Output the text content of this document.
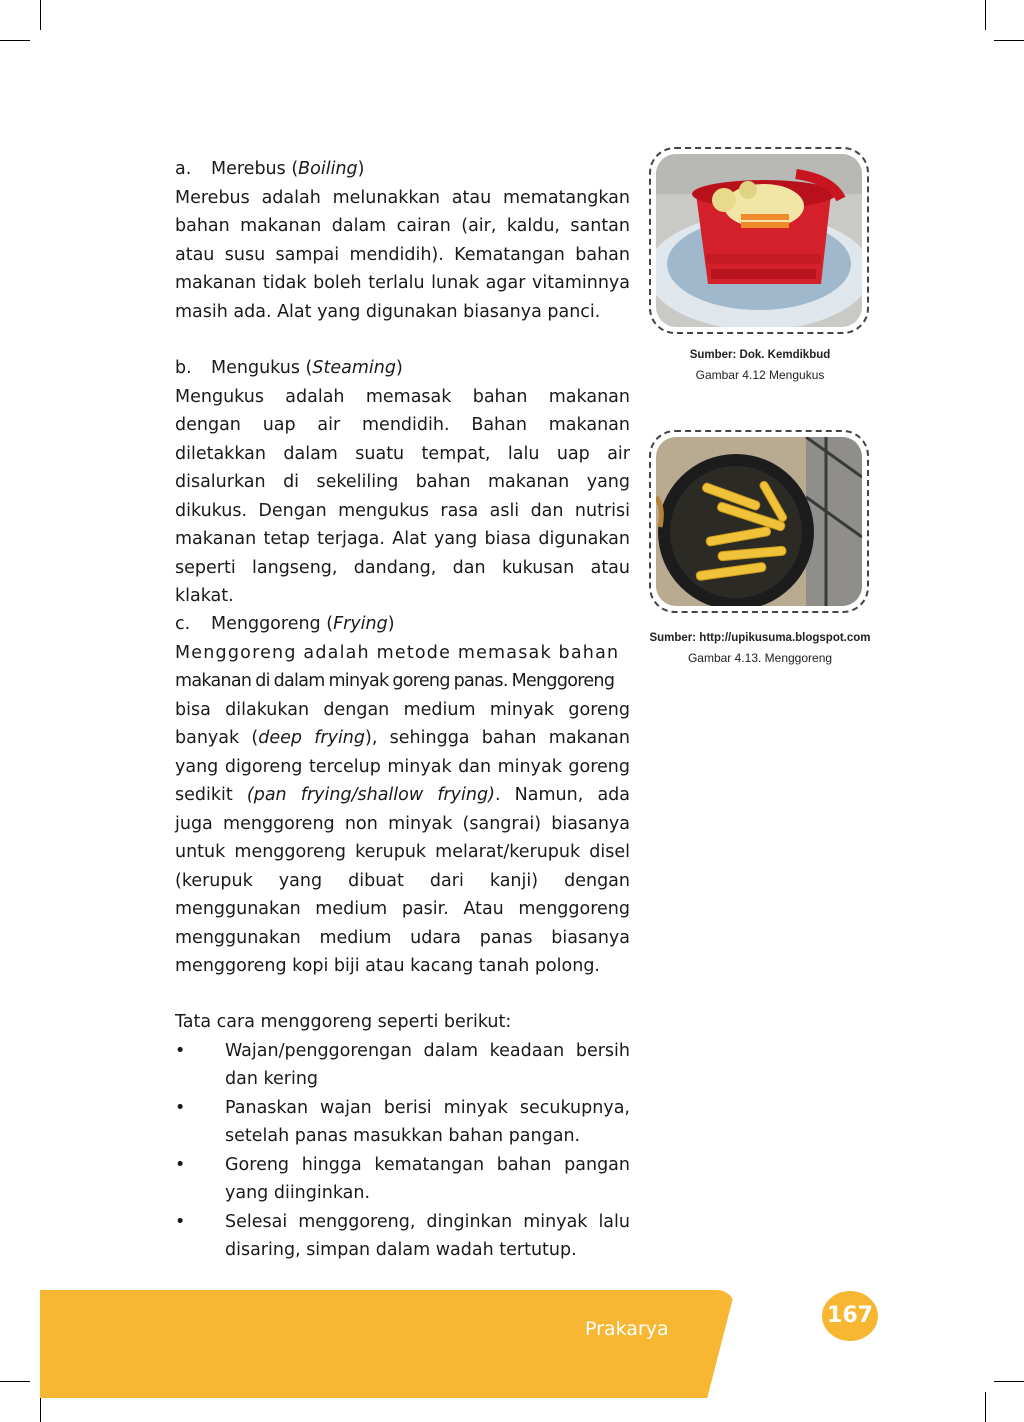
a. Merebus (Boiling)

Merebus adalah melunakkan atau mematangkan bahan makanan dalam cairan (air, kaldu, santan atau susu sampai mendidih). Kematangan bahan makanan tidak boleh terlalu lunak agar vitaminnya masih ada. Alat yang digunakan biasanya panci.

b. Mengukus (Steaming)

Mengukus adalah memasak bahan makanan dengan uap air mendidih. Bahan makanan diletakkan dalam suatu tempat, lalu uap air disalurkan di sekeliling bahan makanan yang dikukus. Dengan mengukus rasa asli dan nutrisi makanan tetap terjaga. Alat yang biasa digunakan seperti langseng, dandang, dan kukusan atau klakat.

c. Menggoreng (Frying)

Menggoreng adalah metode memasak bahan

makanan di dalam minyak goreng panas. Menggoreng

bisa dilakukan dengan medium minyak goreng banyak (deep frying), sehingga bahan makanan yang digoreng tercelup minyak dan minyak goreng sedikit (pan frying/shallow frying). Namun, ada juga menggoreng non minyak (sangrai) biasanya untuk menggoreng kerupuk melarat/kerupuk disel (kerupuk yang dibuat dari kanji) dengan menggunakan medium pasir. Atau menggoreng menggunakan medium udara panas biasanya menggoreng kopi biji atau kacang tanah polong.

Tata cara menggoreng seperti berikut:

• Wajan/penggorengan dalam keadaan bersih dan kering
• Panaskan wajan berisi minyak secukupnya, setelah panas masukkan bahan pangan.
• Goreng hingga kematangan bahan pangan yang diinginkan.
• Selesai menggoreng, dinginkan minyak lalu disaring, simpan dalam wadah tertutup.
Sumber: Dok. Kemdikbud
Gambar 4.12 Mengukus
Sumber: http://upikusuma.blogspot.com
Gambar 4.13. Menggoreng
Prakarya
167
